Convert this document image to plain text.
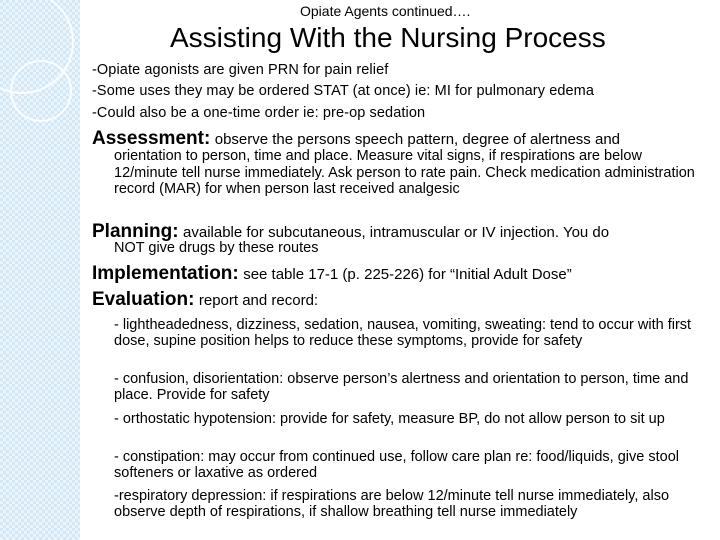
Opiate Agents continued….
Assisting With the Nursing Process
-Opiate agonists are given PRN for pain relief
-Some uses they may be ordered STAT (at once) ie: MI for pulmonary edema
-Could also be a one-time order ie: pre-op sedation
Assessment: observe the persons speech pattern, degree of alertness and
orientation to person, time and place. Measure vital signs, if respirations are below 12/minute tell nurse immediately. Ask person to rate pain. Check medication administration record (MAR) for when person last received analgesic
Planning: available for subcutaneous, intramuscular or IV injection. You do
NOT give drugs by these routes
Implementation: see table 17-1 (p. 225-226) for “Initial Adult Dose”
Evaluation: report and record:
- lightheadedness, dizziness, sedation, nausea, vomiting, sweating: tend to occur with first dose, supine position helps to reduce these symptoms, provide for safety
- confusion, disorientation: observe person’s alertness and orientation to person, time and place. Provide for safety
- orthostatic hypotension: provide for safety, measure BP, do not allow person to sit up
- constipation: may occur from continued use, follow care plan re: food/liquids, give stool softeners or laxative as ordered
-respiratory depression: if respirations are below 12/minute tell nurse immediately, also observe depth of respirations, if shallow breathing tell nurse immediately
